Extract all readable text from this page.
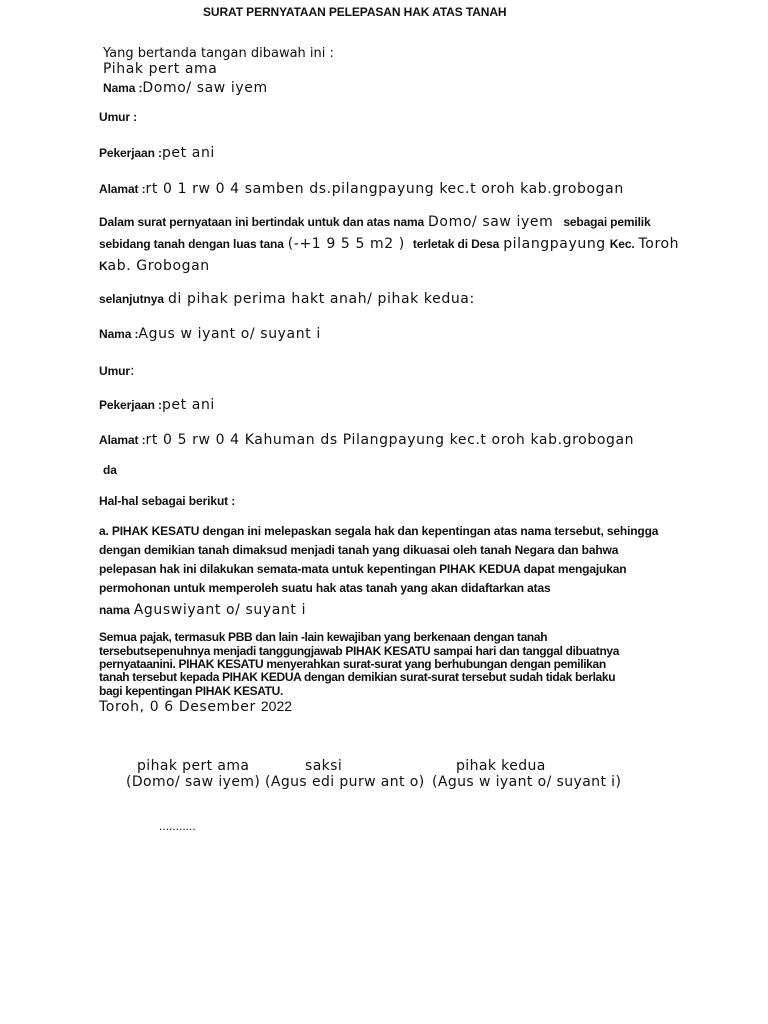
SURAT PERNYATAAN PELEPASAN HAK ATAS TANAH

Yang bertanda tangan dibawah ini :

Pihak pert ama

Nama :Domo/ saw iyem

Umur :

Pekerjaan :pet ani

Alamat :rt 0 1 rw 0 4 samben ds.pilangpayung kec.t oroh kab.grobogan

Dalam surat pernyataan ini bertindak untuk dan atas nama Domo/ saw iyem sebagai pemilik

sebidang tanah dengan luas tana (-+1 9 5 5 m2 ) terletak di Desa pilangpayung Kec. Toroh

Kab. Grobogan

selanjutnya di pihak perima hakt anah/ pihak kedua:

Nama :Agus w iyant o/ suyant i

Umur:

Pekerjaan :pet ani

Alamat :rt 0 5 rw 0 4 Kahuman ds Pilangpayung kec.t oroh kab.grobogan

da

Hal-hal sebagai berikut :

a. PIHAK KESATU dengan ini melepaskan segala hak dan kepentingan atas nama tersebut, sehingga

dengan demikian tanah dimaksud menjadi tanah yang dikuasai oleh tanah Negara dan bahwa

pelepasan hak ini dilakukan semata-mata untuk kepentingan PIHAK KEDUA dapat mengajukan

permohonan untuk memperoleh suatu hak atas tanah yang akan didaftarkan atas

nama Aguswiyant o/ suyant i

Semua pajak, termasuk PBB dan lain -lain kewajiban yang berkenaan dengan tanah

tersebutsepenuhnya menjadi tanggungjawab PIHAK KESATU sampai hari dan tanggal dibuatnya

pernyataanini. PIHAK KESATU menyerahkan surat-surat yang berhubungan dengan pemilikan

tanah tersebut kepada PIHAK KEDUA dengan demikian surat-surat tersebut sudah tidak berlaku

bagi kepentingan PIHAK KESATU.

Toroh, 0 6 Desember 2022

pihak pert ama

(Domo/ saw iyem)

saksi

(Agus edi purw ant o)

pihak kedua

(Agus w iyant o/ suyant i)

...........
